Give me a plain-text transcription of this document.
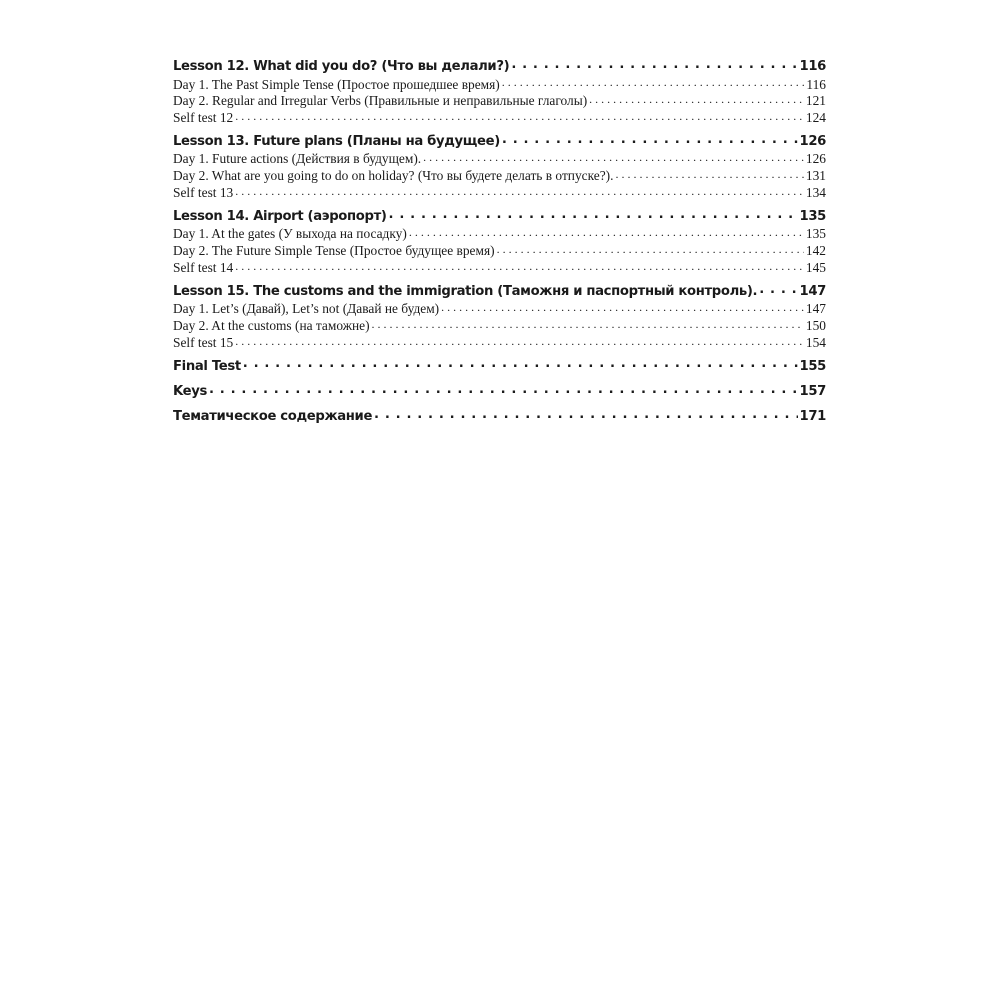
Lesson 12. What did you do? (Что вы делали?) . . .	116
Day 1. The Past Simple Tense (Простое прошедшее время) . . .	116
Day 2. Regular and Irregular Verbs (Правильные и неправильные глаголы) . . .	121
Self test 12 . . .	124
Lesson 13. Future plans (Планы на будущее) . . .	126
Day 1. Future actions (Действия в будущем). . . .	126
Day 2. What are you going to do on holiday? (Что вы будете делать в отпуске?). . . .	131
Self test 13 . . .	134
Lesson 14. Airport (аэропорт) . . .	135
Day 1. At the gates (У выхода на посадку) . . .	135
Day 2. The Future Simple Tense (Простое будущее время) . . .	142
Self test 14 . . .	145
Lesson 15. The customs and the immigration (Таможня и паспортный контроль). . . .	147
Day 1. Let’s (Давай), Let’s not (Давай не будем) . . .	147
Day 2. At the customs (на таможне) . . .	150
Self test 15 . . .	154
Final Test . . .	155
Keys . . .	157
Тематическое содержание . . .	171
